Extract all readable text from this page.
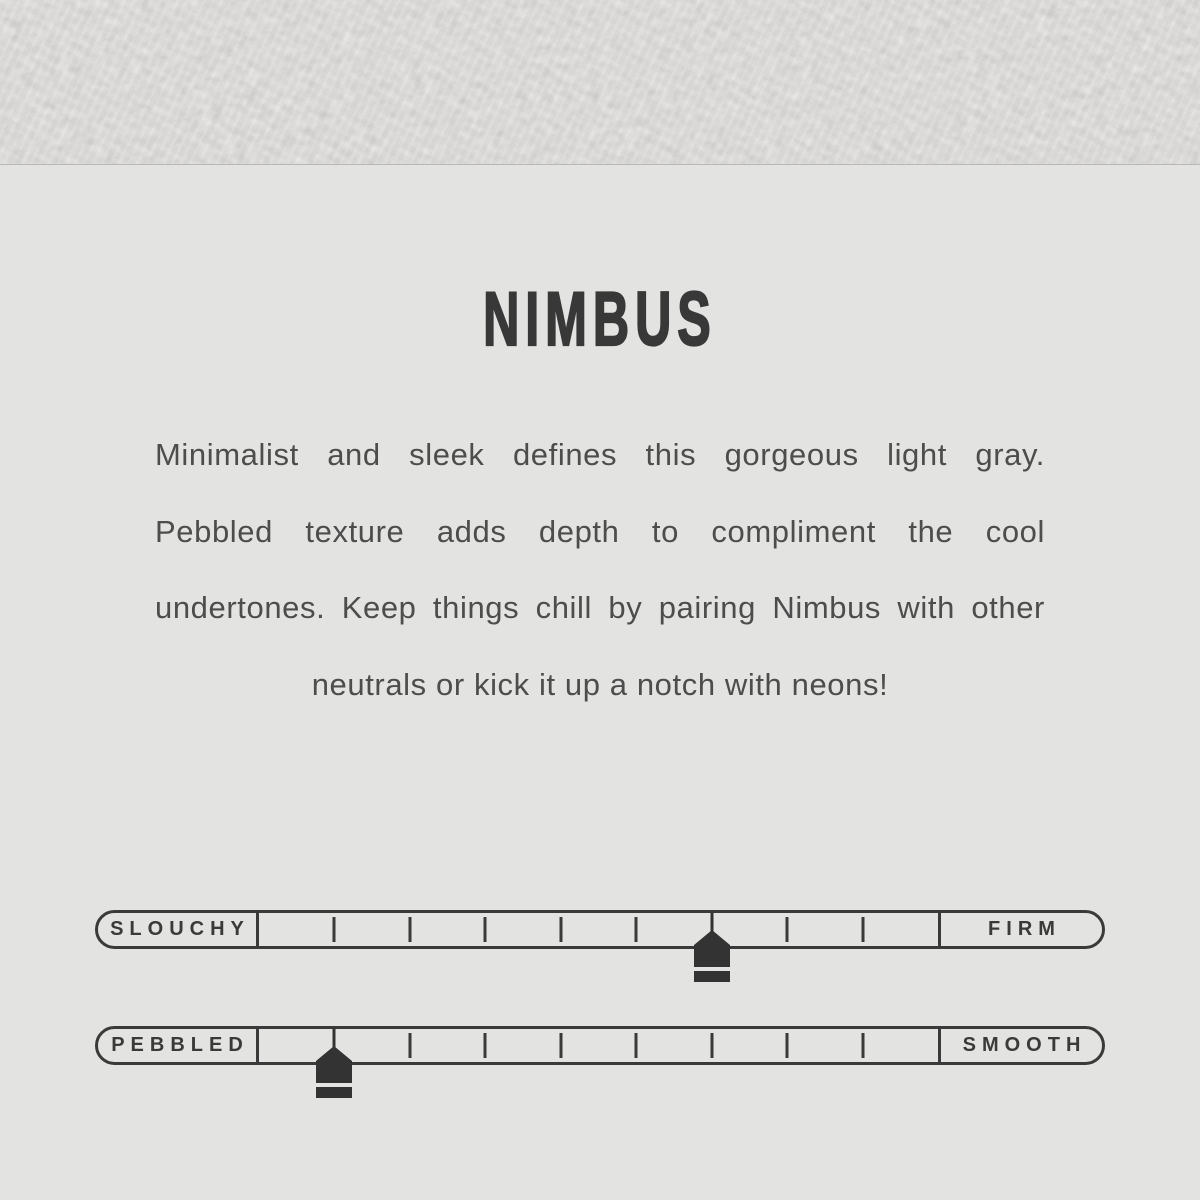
NIMBUS
Minimalist and sleek defines this gorgeous light gray.
Pebbled texture adds depth to compliment the cool
undertones. Keep things chill by pairing Nimbus with other
neutrals or kick it up a notch with neons!
SLOUCHY	FIRM
PEBBLED	SMOOTH
